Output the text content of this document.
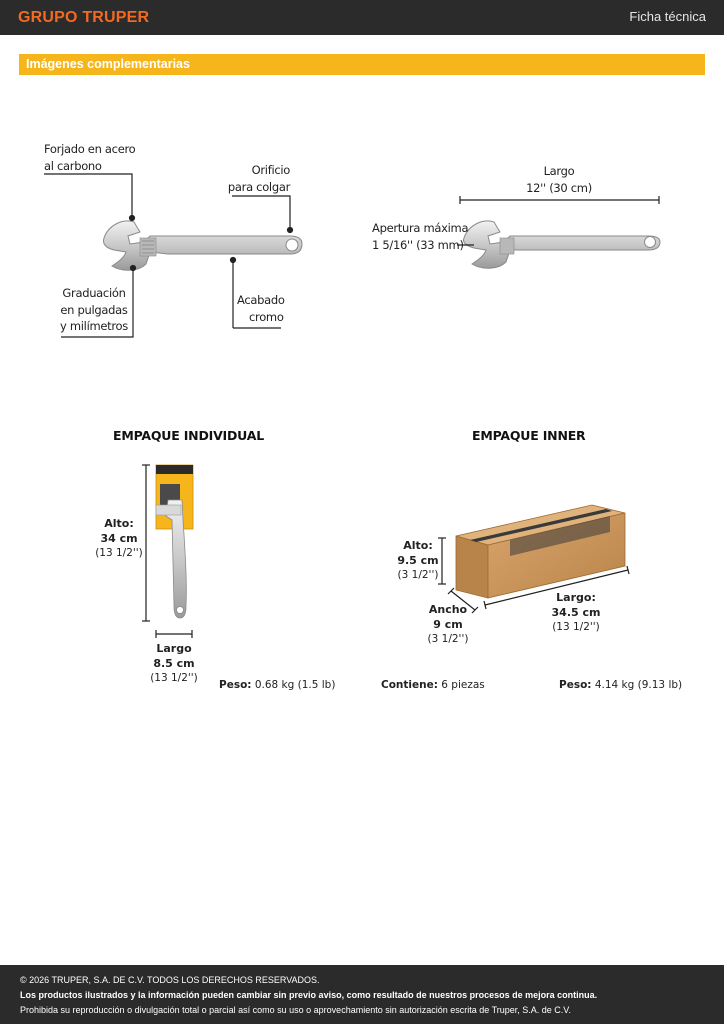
GRUPO TRUPER	Ficha técnica
Imágenes complementarias
Forjado en acero
al carbono	Orificio
para colgar
Graduación
en pulgadas
y milímetros
Acabado
cromo
Largo
12'' (30 cm)
Apertura máxima
1 5/16'' (33 mm)
EMPAQUE INDIVIDUAL
Alto:
34 cm
(13 1/2'')
Largo
8.5 cm
(13 1/2'')
Peso: 0.68 kg (1.5 lb)
EMPAQUE INNER
Alto:
9.5 cm
(3 1/2'')
Ancho
9 cm
(3 1/2'')
Largo:
34.5 cm
(13 1/2'')
Contiene: 6 piezas	Peso: 4.14 kg (9.13 lb)
© 2026 TRUPER, S.A. DE C.V. TODOS LOS DERECHOS RESERVADOS.
Los productos ilustrados y la información pueden cambiar sin previo aviso, como resultado de nuestros procesos de mejora continua.
Prohibida su reproducción o divulgación total o parcial así como su uso o aprovechamiento sin autorización escrita de Truper, S.A. de C.V.
